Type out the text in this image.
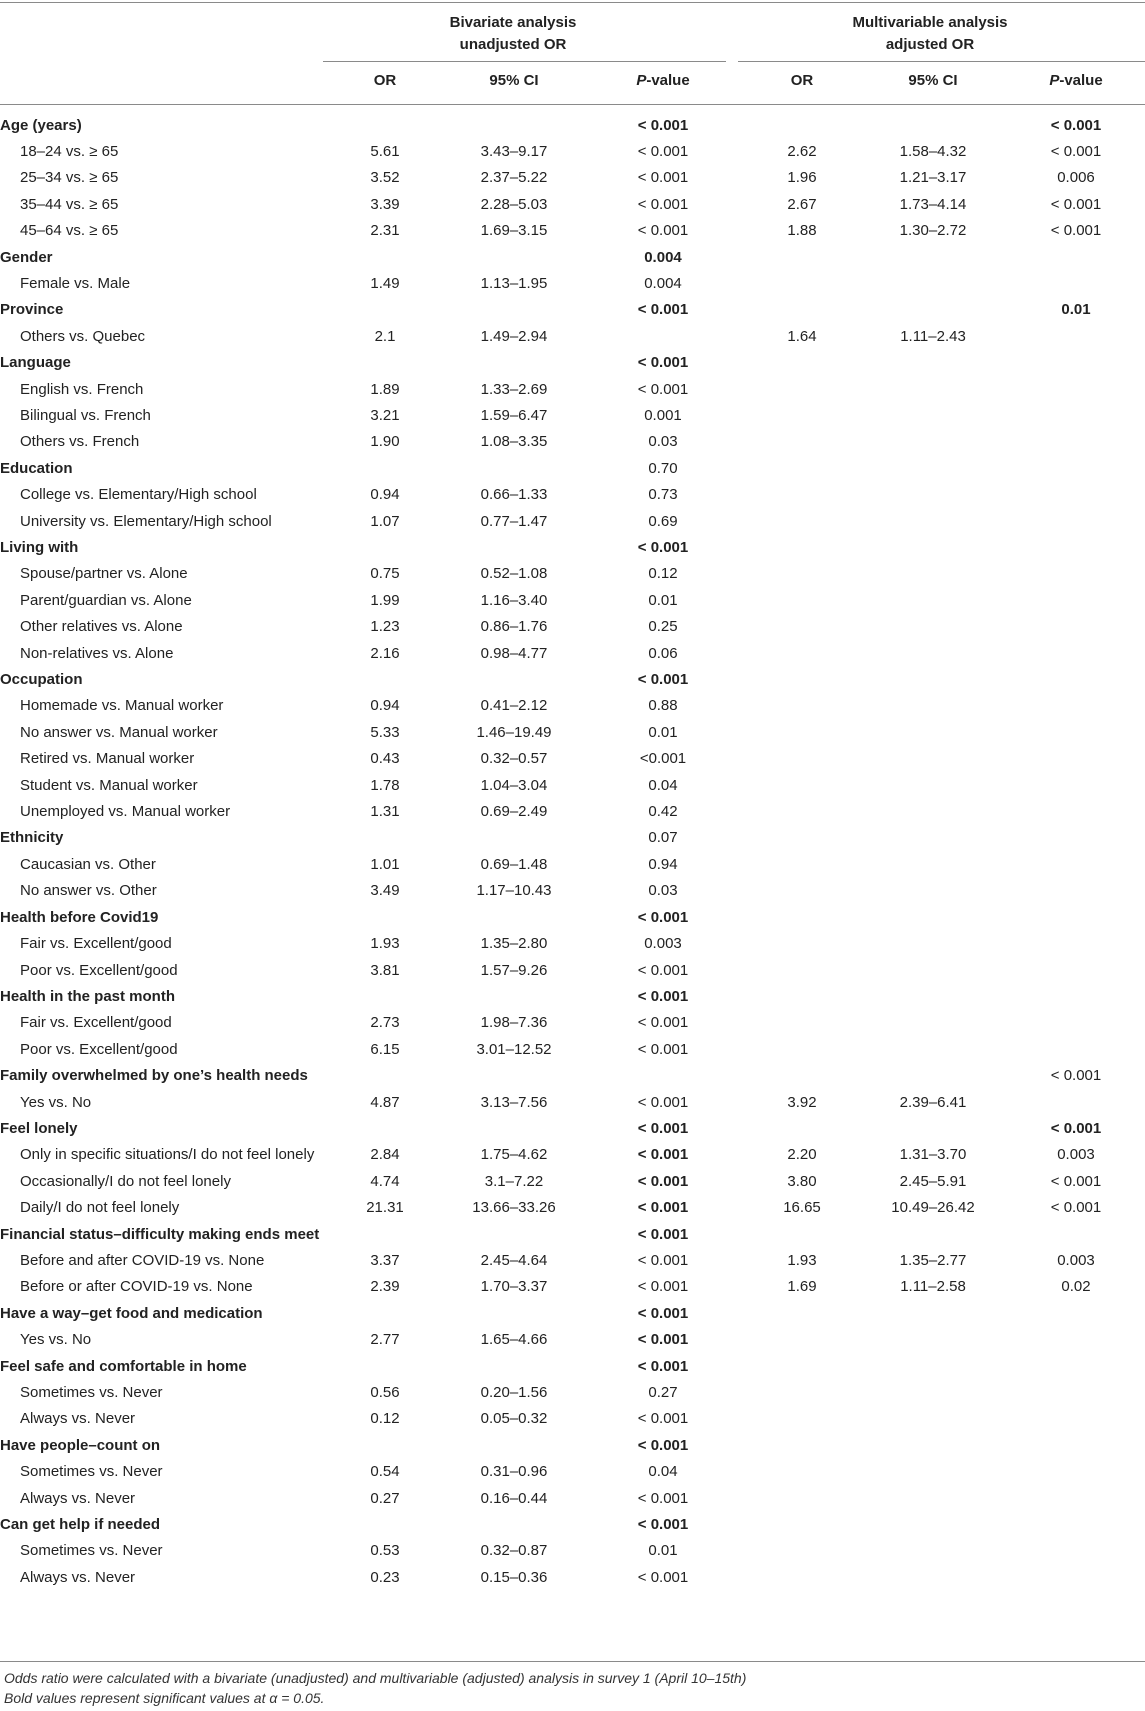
Bivariate analysis
unadjusted OR
Multivariable analysis
adjusted OR
OR	95% CI	P-value	OR	95% CI	P-value
Age (years)			< 0.001			< 0.001
18–24 vs. ≥ 65	5.61	3.43–9.17	< 0.001	2.62	1.58–4.32	< 0.001
25–34 vs. ≥ 65	3.52	2.37–5.22	< 0.001	1.96	1.21–3.17	0.006
35–44 vs. ≥ 65	3.39	2.28–5.03	< 0.001	2.67	1.73–4.14	< 0.001
45–64 vs. ≥ 65	2.31	1.69–3.15	< 0.001	1.88	1.30–2.72	< 0.001
Gender			0.004			
Female vs. Male	1.49	1.13–1.95	0.004			
Province			< 0.001			0.01
Others vs. Quebec	2.1	1.49–2.94		1.64	1.11–2.43	
Language			< 0.001			
English vs. French	1.89	1.33–2.69	< 0.001			
Bilingual vs. French	3.21	1.59–6.47	0.001			
Others vs. French	1.90	1.08–3.35	0.03			
Education			0.70			
College vs. Elementary/High school	0.94	0.66–1.33	0.73			
University vs. Elementary/High school	1.07	0.77–1.47	0.69			
Living with			< 0.001			
Spouse/partner vs. Alone	0.75	0.52–1.08	0.12			
Parent/guardian vs. Alone	1.99	1.16–3.40	0.01			
Other relatives vs. Alone	1.23	0.86–1.76	0.25			
Non-relatives vs. Alone	2.16	0.98–4.77	0.06			
Occupation			< 0.001			
Homemade vs. Manual worker	0.94	0.41–2.12	0.88			
No answer vs. Manual worker	5.33	1.46–19.49	0.01			
Retired vs. Manual worker	0.43	0.32–0.57	<0.001			
Student vs. Manual worker	1.78	1.04–3.04	0.04			
Unemployed vs. Manual worker	1.31	0.69–2.49	0.42			
Ethnicity			0.07			
Caucasian vs. Other	1.01	0.69–1.48	0.94			
No answer vs. Other	3.49	1.17–10.43	0.03			
Health before Covid19			< 0.001			
Fair vs. Excellent/good	1.93	1.35–2.80	0.003			
Poor vs. Excellent/good	3.81	1.57–9.26	< 0.001			
Health in the past month			< 0.001			
Fair vs. Excellent/good	2.73	1.98–7.36	< 0.001			
Poor vs. Excellent/good	6.15	3.01–12.52	< 0.001			
Family overwhelmed by one’s health needs						< 0.001
Yes vs. No	4.87	3.13–7.56	< 0.001	3.92	2.39–6.41	
Feel lonely			< 0.001			< 0.001
Only in specific situations/I do not feel lonely	2.84	1.75–4.62	< 0.001	2.20	1.31–3.70	0.003
Occasionally/I do not feel lonely	4.74	3.1–7.22	< 0.001	3.80	2.45–5.91	< 0.001
Daily/I do not feel lonely	21.31	13.66–33.26	< 0.001	16.65	10.49–26.42	< 0.001
Financial status–difficulty making ends meet			< 0.001			
Before and after COVID-19 vs. None	3.37	2.45–4.64	< 0.001	1.93	1.35–2.77	0.003
Before or after COVID-19 vs. None	2.39	1.70–3.37	< 0.001	1.69	1.11–2.58	0.02
Have a way–get food and medication			< 0.001			
Yes vs. No	2.77	1.65–4.66	< 0.001			
Feel safe and comfortable in home			< 0.001			
Sometimes vs. Never	0.56	0.20–1.56	0.27			
Always vs. Never	0.12	0.05–0.32	< 0.001			
Have people–count on			< 0.001			
Sometimes vs. Never	0.54	0.31–0.96	0.04			
Always vs. Never	0.27	0.16–0.44	< 0.001			
Can get help if needed			< 0.001			
Sometimes vs. Never	0.53	0.32–0.87	0.01			
Always vs. Never	0.23	0.15–0.36	< 0.001			
Odds ratio were calculated with a bivariate (unadjusted) and multivariable (adjusted) analysis in survey 1 (April 10–15th)
Bold values represent significant values at α = 0.05.
